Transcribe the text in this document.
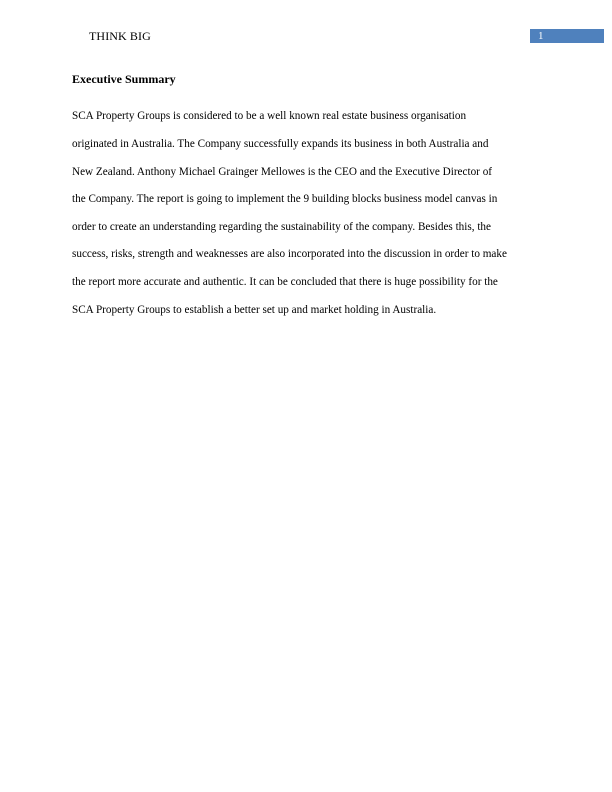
THINK BIG	1
Executive Summary
SCA Property Groups is considered to be a well known real estate business organisation
originated in Australia. The Company successfully expands its business in both Australia and
New Zealand. Anthony Michael Grainger Mellowes is the CEO and the Executive Director of
the Company. The report is going to implement the 9 building blocks business model canvas in
order to create an understanding regarding the sustainability of the company. Besides this, the
success, risks, strength and weaknesses are also incorporated into the discussion in order to make
the report more accurate and authentic. It can be concluded that there is huge possibility for the
SCA Property Groups to establish a better set up and market holding in Australia.
